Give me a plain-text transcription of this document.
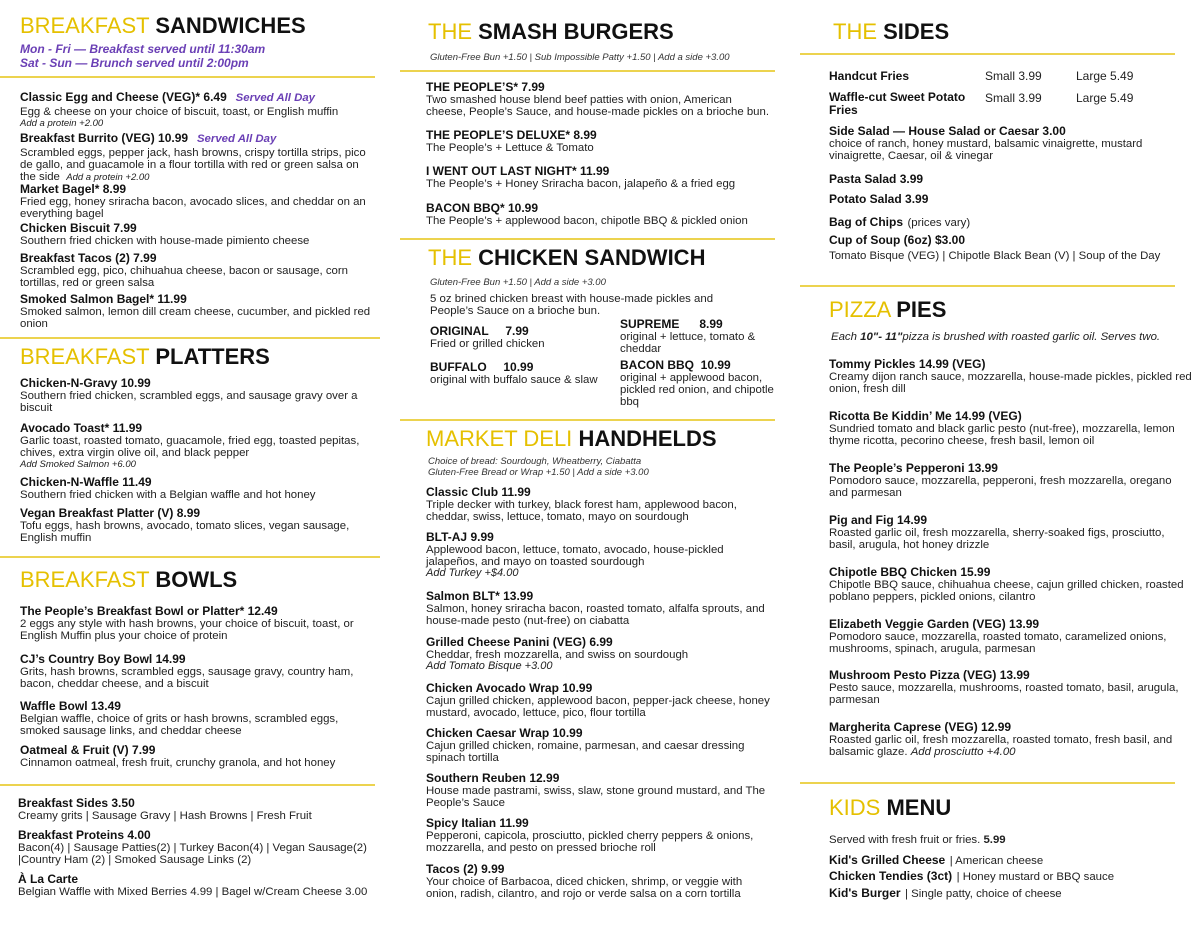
BREAKFAST SANDWICHES
Mon - Fri — Breakfast served until 11:30am
Sat - Sun — Brunch served until 2:00pm
Classic Egg and Cheese (VEG)* 6.49 Served All Day
Egg & cheese on your choice of biscuit, toast, or English muffin
Add a protein +2.00
Breakfast Burrito (VEG) 10.99 Served All Day
Scrambled eggs, pepper jack, hash browns, crispy tortilla strips, pico de gallo, and guacamole in a flour tortilla with red or green salsa on the side Add a protein +2.00
Market Bagel* 8.99
Fried egg, honey sriracha bacon, avocado slices, and cheddar on an everything bagel
Chicken Biscuit 7.99
Southern fried chicken with house-made pimiento cheese
Breakfast Tacos (2) 7.99
Scrambled egg, pico, chihuahua cheese, bacon or sausage, corn tortillas, red or green salsa
Smoked Salmon Bagel* 11.99
Smoked salmon, lemon dill cream cheese, cucumber, and pickled red onion
BREAKFAST PLATTERS
Chicken-N-Gravy 10.99
Southern fried chicken, scrambled eggs, and sausage gravy over a biscuit
Avocado Toast* 11.99
Garlic toast, roasted tomato, guacamole, fried egg, toasted pepitas, chives, extra virgin olive oil, and black pepper
Add Smoked Salmon +6.00
Chicken-N-Waffle 11.49
Southern fried chicken with a Belgian waffle and hot honey
Vegan Breakfast Platter (V) 8.99
Tofu eggs, hash browns, avocado, tomato slices, vegan sausage, English muffin
BREAKFAST BOWLS
The People’s Breakfast Bowl or Platter* 12.49
2 eggs any style with hash browns, your choice of biscuit, toast, or English Muffin plus your choice of protein
CJ’s Country Boy Bowl 14.99
Grits, hash browns, scrambled eggs, sausage gravy, country ham, bacon, cheddar cheese, and a biscuit
Waffle Bowl 13.49
Belgian waffle, choice of grits or hash browns, scrambled eggs, smoked sausage links, and cheddar cheese
Oatmeal & Fruit (V) 7.99
Cinnamon oatmeal, fresh fruit, crunchy granola, and hot honey
Breakfast Sides 3.50
Creamy grits | Sausage Gravy | Hash Browns | Fresh Fruit
Breakfast Proteins 4.00
Bacon(4) | Sausage Patties(2) | Turkey Bacon(4) | Vegan Sausage(2) |Country Ham (2) | Smoked Sausage Links (2)
À La Carte
Belgian Waffle with Mixed Berries 4.99 | Bagel w/Cream Cheese 3.00
THE SMASH BURGERS
Gluten-Free Bun +1.50 | Sub Impossible Patty +1.50 | Add a side +3.00
THE PEOPLE’S* 7.99
Two smashed house blend beef patties with onion, American cheese, People’s Sauce, and house-made pickles on a brioche bun.
THE PEOPLE’S DELUXE* 8.99
The People’s + Lettuce & Tomato
I WENT OUT LAST NIGHT* 11.99
The People’s + Honey Sriracha bacon, jalapeño & a fried egg
BACON BBQ* 10.99
The People’s + applewood bacon, chipotle BBQ & pickled onion
THE CHICKEN SANDWICH
Gluten-Free Bun +1.50 | Add a side +3.00
5 oz brined chicken breast with house-made pickles and People’s Sauce on a brioche bun.
ORIGINAL 7.99
Fried or grilled chicken
SUPREME 8.99
original + lettuce, tomato & cheddar
BUFFALO 10.99
original with buffalo sauce & slaw
BACON BBQ 10.99
original + applewood bacon, pickled red onion, and chipotle bbq
MARKET DELI HANDHELDS
Choice of bread: Sourdough, Wheatberry, Ciabatta
Gluten-Free Bread or Wrap +1.50 | Add a side +3.00
Classic Club 11.99
Triple decker with turkey, black forest ham, applewood bacon, cheddar, swiss, lettuce, tomato, mayo on sourdough
BLT-AJ 9.99
Applewood bacon, lettuce, tomato, avocado, house-pickled jalapeños, and mayo on toasted sourdough
Add Turkey +$4.00
Salmon BLT* 13.99
Salmon, honey sriracha bacon, roasted tomato, alfalfa sprouts, and house-made pesto (nut-free) on ciabatta
Grilled Cheese Panini (VEG) 6.99
Cheddar, fresh mozzarella, and swiss on sourdough
Add Tomato Bisque +3.00
Chicken Avocado Wrap 10.99
Cajun grilled chicken, applewood bacon, pepper-jack cheese, honey mustard, avocado, lettuce, pico, flour tortilla
Chicken Caesar Wrap 10.99
Cajun grilled chicken, romaine, parmesan, and caesar dressing spinach tortilla
Southern Reuben 12.99
House made pastrami, swiss, slaw, stone ground mustard, and The People’s Sauce
Spicy Italian 11.99
Pepperoni, capicola, prosciutto, pickled cherry peppers & onions, mozzarella, and pesto on pressed brioche roll
Tacos (2) 9.99
Your choice of Barbacoa, diced chicken, shrimp, or veggie with onion, radish, cilantro, and rojo or verde salsa on a corn tortilla
THE SIDES
Handcut Fries	Small 3.99	Large 5.49
Waffle-cut Sweet Potato Fries
Small 3.99	Large 5.49
Side Salad — House Salad or Caesar 3.00
choice of ranch, honey mustard, balsamic vinaigrette, mustard vinaigrette, Caesar, oil & vinegar
Pasta Salad 3.99
Potato Salad 3.99
Bag of Chips (prices vary)
Cup of Soup (6oz) $3.00
Tomato Bisque (VEG) | Chipotle Black Bean (V) | Soup of the Day
PIZZA PIES
Each 10"- 11"pizza is brushed with roasted garlic oil. Serves two.
Tommy Pickles 14.99 (VEG)
Creamy dijon ranch sauce, mozzarella, house-made pickles, pickled red onion, fresh dill
Ricotta Be Kiddin’ Me 14.99 (VEG)
Sundried tomato and black garlic pesto (nut-free), mozzarella, lemon thyme ricotta, pecorino cheese, fresh basil, lemon oil
The People’s Pepperoni 13.99
Pomodoro sauce, mozzarella, pepperoni, fresh mozzarella, oregano and parmesan
Pig and Fig 14.99
Roasted garlic oil, fresh mozzarella, sherry-soaked figs, prosciutto, basil, arugula, hot honey drizzle
Chipotle BBQ Chicken 15.99
Chipotle BBQ sauce, chihuahua cheese, cajun grilled chicken, roasted poblano peppers, pickled onions, cilantro
Elizabeth Veggie Garden (VEG) 13.99
Pomodoro sauce, mozzarella, roasted tomato, caramelized onions, mushrooms, spinach, arugula, parmesan
Mushroom Pesto Pizza (VEG) 13.99
Pesto sauce, mozzarella, mushrooms, roasted tomato, basil, arugula, parmesan
Margherita Caprese (VEG) 12.99
Roasted garlic oil, fresh mozzarella, roasted tomato, fresh basil, and balsamic glaze. Add prosciutto +4.00
KIDS MENU
Served with fresh fruit or fries. 5.99
Kid's Grilled Cheese | American cheese
Chicken Tendies (3ct) | Honey mustard or BBQ sauce
Kid's Burger | Single patty, choice of cheese
